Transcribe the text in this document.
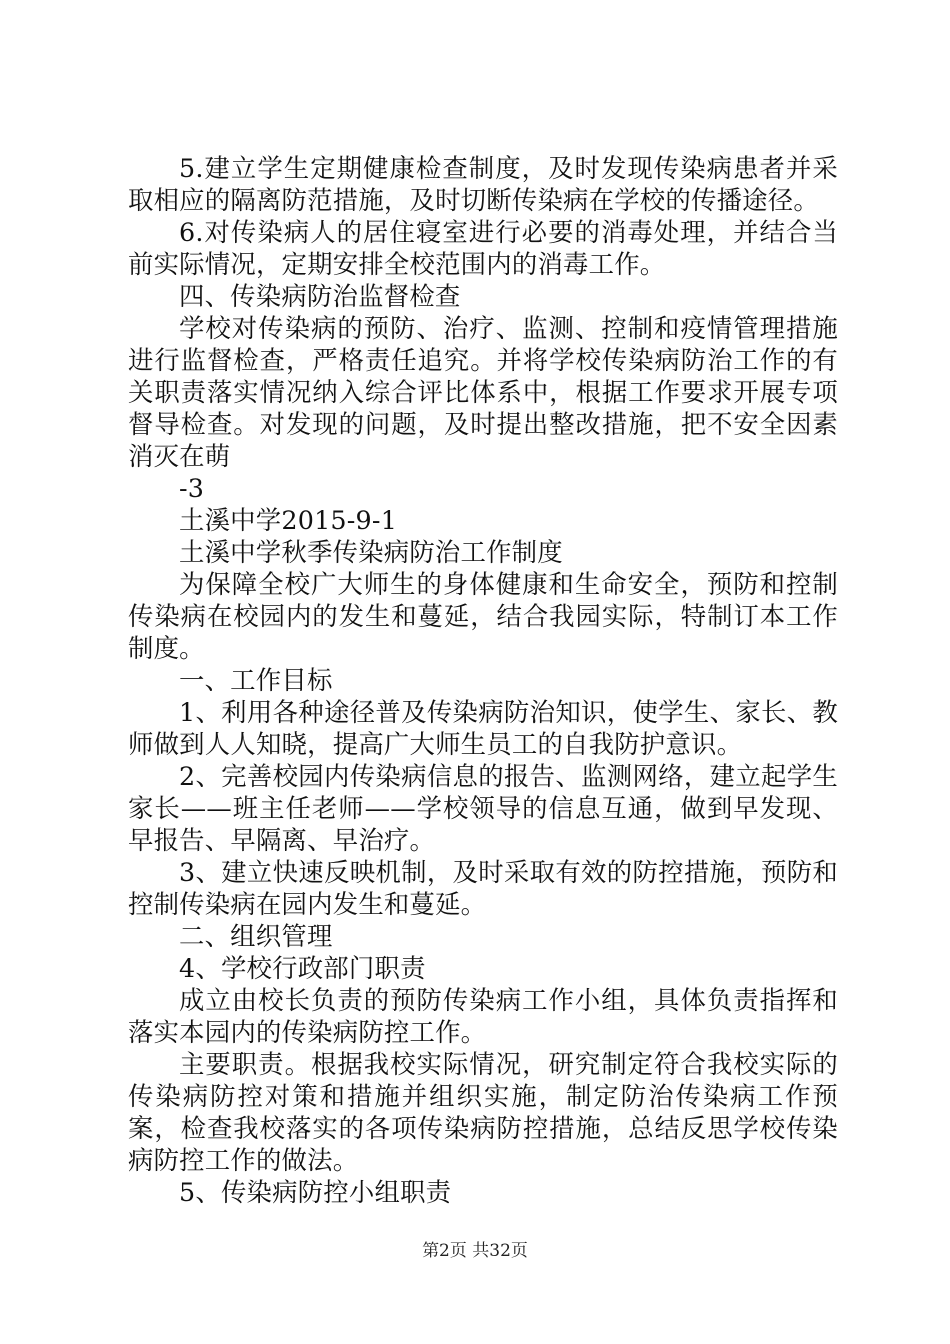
5.建立学生定期健康检查制度，及时发现传染病患者并采取相应的隔离防范措施，及时切断传染病在学校的传播途径。

6.对传染病人的居住寝室进行必要的消毒处理，并结合当前实际情况，定期安排全校范围内的消毒工作。

四、传染病防治监督检查

学校对传染病的预防、治疗、监测、控制和疫情管理措施进行监督检查，严格责任追究。并将学校传染病防治工作的有关职责落实情况纳入综合评比体系中，根据工作要求开展专项督导检查。对发现的问题，及时提出整改措施，把不安全因素消灭在萌

-3

土溪中学2015-9-1

土溪中学秋季传染病防治工作制度

为保障全校广大师生的身体健康和生命安全，预防和控制传染病在校园内的发生和蔓延，结合我园实际，特制订本工作制度。

一、工作目标

1、利用各种途径普及传染病防治知识，使学生、家长、教师做到人人知晓，提高广大师生员工的自我防护意识。

2、完善校园内传染病信息的报告、监测网络，建立起学生家长——班主任老师——学校领导的信息互通，做到早发现、早报告、早隔离、早治疗。

3、建立快速反映机制，及时采取有效的防控措施，预防和控制传染病在园内发生和蔓延。

二、组织管理

4、学校行政部门职责

成立由校长负责的预防传染病工作小组，具体负责指挥和落实本园内的传染病防控工作。

主要职责。根据我校实际情况，研究制定符合我校实际的传染病防控对策和措施并组织实施，制定防治传染病工作预案，检查我校落实的各项传染病防控措施，总结反思学校传染病防控工作的做法。

5、传染病防控小组职责

第2页 共32页
